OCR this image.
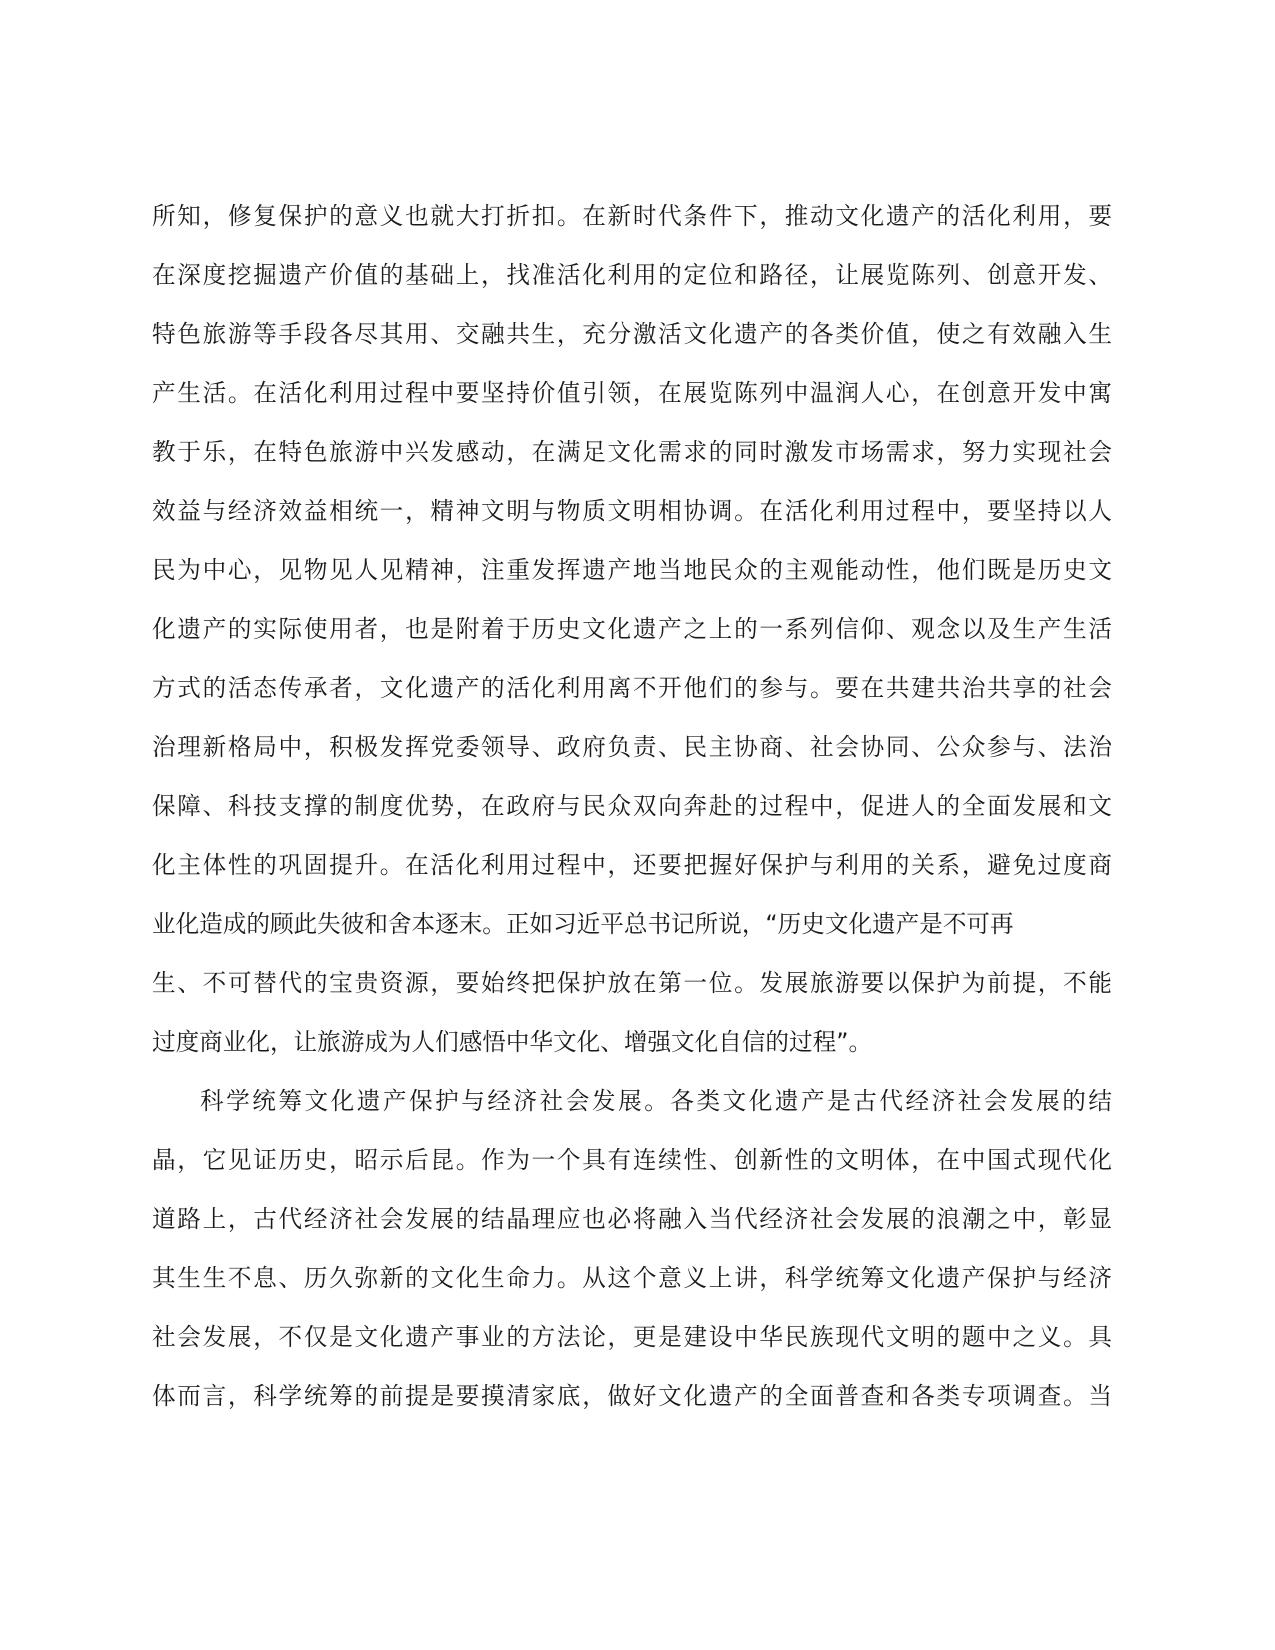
所知，修复保护的意义也就大打折扣。在新时代条件下，推动文化遗产的活化利用，要
在深度挖掘遗产价值的基础上，找准活化利用的定位和路径，让展览陈列、创意开发、
特色旅游等手段各尽其用、交融共生，充分激活文化遗产的各类价值，使之有效融入生
产生活。在活化利用过程中要坚持价值引领，在展览陈列中温润人心，在创意开发中寓
教于乐，在特色旅游中兴发感动，在满足文化需求的同时激发市场需求，努力实现社会
效益与经济效益相统一，精神文明与物质文明相协调。在活化利用过程中，要坚持以人
民为中心，见物见人见精神，注重发挥遗产地当地民众的主观能动性，他们既是历史文
化遗产的实际使用者，也是附着于历史文化遗产之上的一系列信仰、观念以及生产生活
方式的活态传承者，文化遗产的活化利用离不开他们的参与。要在共建共治共享的社会
治理新格局中，积极发挥党委领导、政府负责、民主协商、社会协同、公众参与、法治
保障、科技支撑的制度优势，在政府与民众双向奔赴的过程中，促进人的全面发展和文
化主体性的巩固提升。在活化利用过程中，还要把握好保护与利用的关系，避免过度商
业化造成的顾此失彼和舍本逐末。正如习近平总书记所说，“历史文化遗产是不可再
生、不可替代的宝贵资源，要始终把保护放在第一位。发展旅游要以保护为前提，不能
过度商业化，让旅游成为人们感悟中华文化、增强文化自信的过程”。
科学统筹文化遗产保护与经济社会发展。各类文化遗产是古代经济社会发展的结
晶，它见证历史，昭示后昆。作为一个具有连续性、创新性的文明体，在中国式现代化
道路上，古代经济社会发展的结晶理应也必将融入当代经济社会发展的浪潮之中，彰显
其生生不息、历久弥新的文化生命力。从这个意义上讲，科学统筹文化遗产保护与经济
社会发展，不仅是文化遗产事业的方法论，更是建设中华民族现代文明的题中之义。具
体而言，科学统筹的前提是要摸清家底，做好文化遗产的全面普查和各类专项调查。当
